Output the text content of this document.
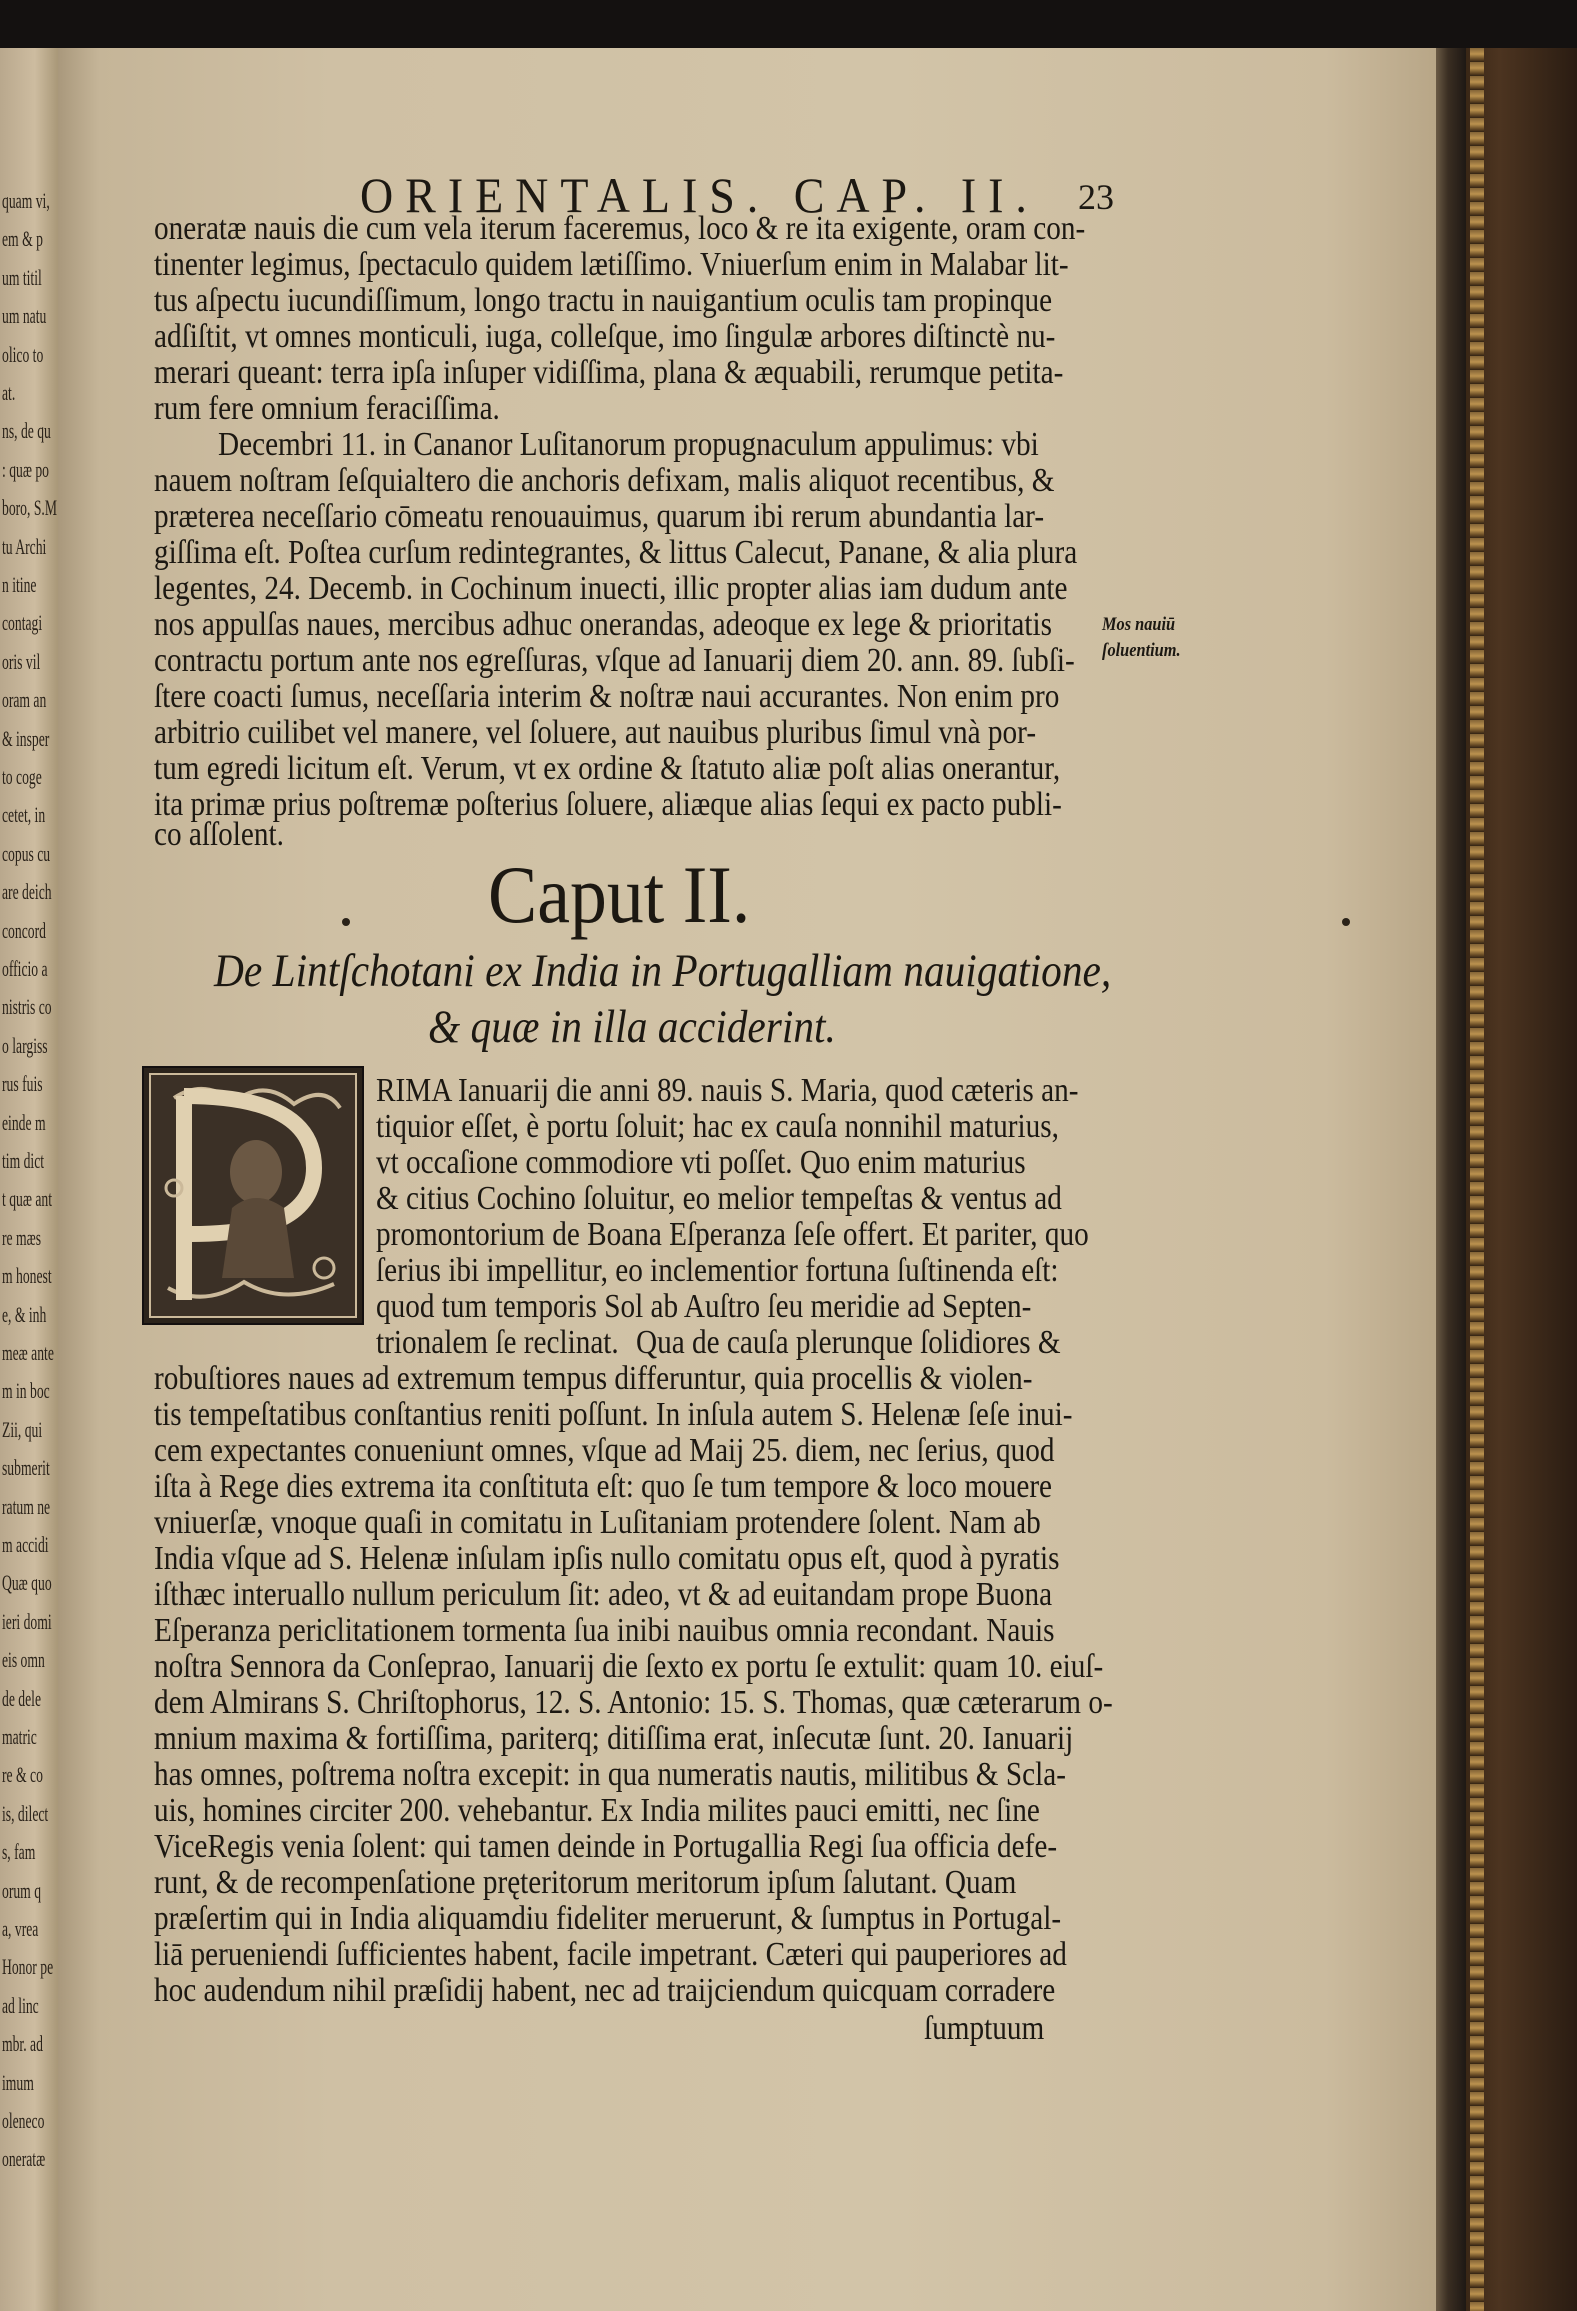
quam vi,
em & p
um titil
um natu
olico to
at.
ns, de qu
: quæ po
boro, S.M
tu Archi
n itine
contagi
oris vil
oram an
& insper
to coge
cetet, in
copus cu
are deich
concord
officio a
nistris co
o largiss
rus fuis
einde m
tim dict
t quæ ant
re mæs
m honest
e, & inh
meæ ante
m in boc
Zii, qui
submerit
ratum ne
m accidi
Quæ quo
ieri domi
eis omn
de dele
matric
re & co
is, dilect
s, fam
orum q
a, vrea
Honor pe
ad linc
mbr. ad
imum
oleneco
oneratæ
ORIENTALIS. CAP. II. 23
oneratæ nauis die cum vela iterum faceremus, loco & re ita exigente, oram con-
tinenter legimus, ſpectaculo quidem lætiſſimo. Vniuerſum enim in Malabar lit-
tus aſpectu iucundiſſimum, longo tractu in nauigantium oculis tam propinque
adſiſtit, vt omnes monticuli, iuga, colleſque, imo ſingulæ arbores diſtinctè nu-
merari queant: terra ipſa inſuper vidiſſima, plana & æquabili, rerumque petita-
rum fere omnium feraciſſima.
Decembri 11. in Cananor Luſitanorum propugnaculum appulimus: vbi
nauem noſtram ſeſquialtero die anchoris defixam, malis aliquot recentibus, &
præterea neceſſario cōmeatu renouauimus, quarum ibi rerum abundantia lar-
giſſima eſt. Poſtea curſum redintegrantes, & littus Calecut, Panane, & alia plura
legentes, 24. Decemb. in Cochinum inuecti, illic propter alias iam dudum ante
nos appulſas naues, mercibus adhuc onerandas, adeoque ex lege & prioritatis
contractu portum ante nos egreſſuras, vſque ad Ianuarij diem 20. ann. 89. ſubſi-
ſtere coacti ſumus, neceſſaria interim & noſtræ naui accurantes. Non enim pro
arbitrio cuilibet vel manere, vel ſoluere, aut nauibus pluribus ſimul vnà por-
tum egredi licitum eſt. Verum, vt ex ordine & ſtatuto aliæ poſt alias onerantur,
ita primæ prius poſtremæ poſterius ſoluere, aliæque alias ſequi ex pacto publi-
co aſſolent.
Mos nauiū
ſoluentium.
Caput II.
De Lintſchotani ex India in Portugalliam nauigatione,
& quæ in illa acciderint.
RIMA Ianuarij die anni 89. nauis S. Maria, quod cæteris an-
tiquior eſſet, è portu ſoluit; hac ex cauſa nonnihil maturius,
vt occaſione commodiore vti poſſet. Quo enim maturius
& citius Cochino ſoluitur, eo melior tempeſtas & ventus ad
promontorium de Boana Eſperanza ſeſe offert. Et pariter, quo
ſerius ibi impellitur, eo inclementior fortuna ſuſtinenda eſt:
quod tum temporis Sol ab Auſtro ſeu meridie ad Septen-
trionalem ſe reclinat. Qua de cauſa plerunque ſolidiores &
robuſtiores naues ad extremum tempus differuntur, quia procellis & violen-
tis tempeſtatibus conſtantius reniti poſſunt. In inſula autem S. Helenæ ſeſe inui-
cem expectantes conueniunt omnes, vſque ad Maij 25. diem, nec ſerius, quod
iſta à Rege dies extrema ita conſtituta eſt: quo ſe tum tempore & loco mouere
vniuerſæ, vnoque quaſi in comitatu in Luſitaniam protendere ſolent. Nam ab
India vſque ad S. Helenæ inſulam ipſis nullo comitatu opus eſt, quod à pyratis
iſthæc interuallo nullum periculum ſit: adeo, vt & ad euitandam prope Buona
Eſperanza periclitationem tormenta ſua inibi nauibus omnia recondant. Nauis
noſtra Sennora da Conſeprao, Ianuarij die ſexto ex portu ſe extulit: quam 10. eiuſ-
dem Almirans S. Chriſtophorus, 12. S. Antonio: 15. S. Thomas, quæ cæterarum o-
mnium maxima & fortiſſima, pariterq; ditiſſima erat, inſecutæ ſunt. 20. Ianuarij
has omnes, poſtrema noſtra excepit: in qua numeratis nautis, militibus & Scla-
uis, homines circiter 200. vehebantur. Ex India milites pauci emitti, nec ſine
ViceRegis venia ſolent: qui tamen deinde in Portugallia Regi ſua officia defe-
runt, & de recompenſatione pręteritorum meritorum ipſum ſalutant. Quam
præſertim qui in India aliquamdiu fideliter meruerunt, & ſumptus in Portugal-
liā perueniendi ſufficientes habent, facile impetrant. Cæteri qui pauperiores ad
hoc audendum nihil præſidij habent, nec ad traijciendum quicquam corradere
ſumptuum
